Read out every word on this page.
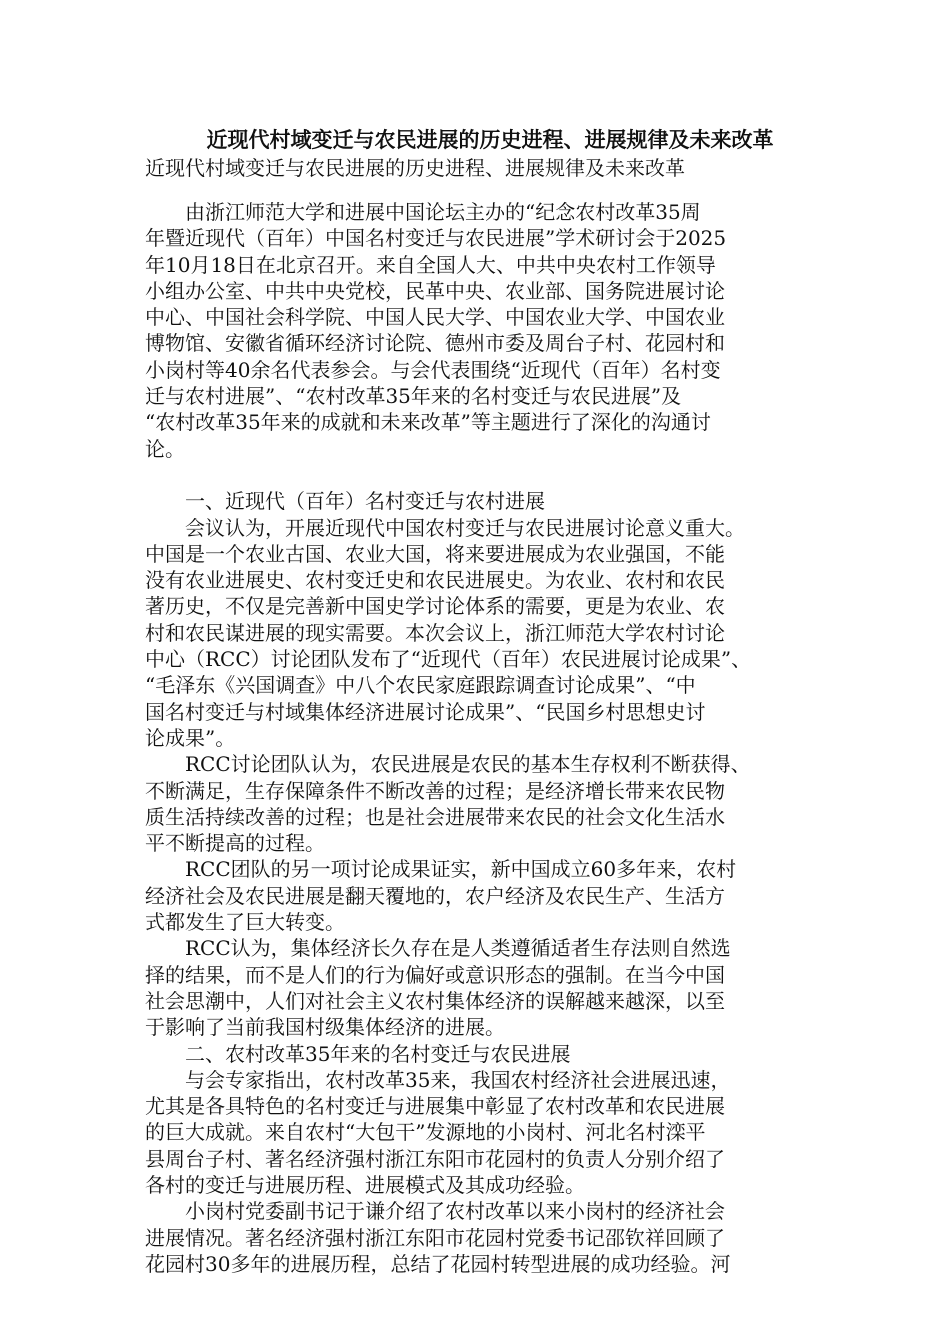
近现代村域变迁与农民进展的历史进程、进展规律及未来改革
近现代村域变迁与农民进展的历史进程、进展规律及未来改革
　　由浙江师范大学和进展中国论坛主办的“纪念农村改革35周
年暨近现代（百年）中国名村变迁与农民进展”学术研讨会于2025
年10月18日在北京召开。来自全国人大、中共中央农村工作领导
小组办公室、中共中央党校，民革中央、农业部、国务院进展讨论
中心、中国社会科学院、中国人民大学、中国农业大学、中国农业
博物馆、安徽省循环经济讨论院、德州市委及周台子村、花园村和
小岗村等40余名代表参会。与会代表围绕“近现代（百年）名村变
迁与农村进展”、“农村改革35年来的名村变迁与农民进展”及
“农村改革35年来的成就和未来改革”等主题进行了深化的沟通讨
论。
　　一、近现代（百年）名村变迁与农村进展
　　会议认为，开展近现代中国农村变迁与农民进展讨论意义重大。
中国是一个农业古国、农业大国，将来要进展成为农业强国，不能
没有农业进展史、农村变迁史和农民进展史。为农业、农村和农民
著历史，不仅是完善新中国史学讨论体系的需要，更是为农业、农
村和农民谋进展的现实需要。本次会议上，浙江师范大学农村讨论
中心（RCC）讨论团队发布了“近现代（百年）农民进展讨论成果”、
“毛泽东《兴国调查》中八个农民家庭跟踪调查讨论成果”、“中
国名村变迁与村域集体经济进展讨论成果”、“民国乡村思想史讨
论成果”。
　　RCC讨论团队认为，农民进展是农民的基本生存权利不断获得、
不断满足，生存保障条件不断改善的过程；是经济增长带来农民物
质生活持续改善的过程；也是社会进展带来农民的社会文化生活水
平不断提高的过程。
　　RCC团队的另一项讨论成果证实，新中国成立60多年来，农村
经济社会及农民进展是翻天覆地的，农户经济及农民生产、生活方
式都发生了巨大转变。
　　RCC认为，集体经济长久存在是人类遵循适者生存法则自然选
择的结果，而不是人们的行为偏好或意识形态的强制。在当今中国
社会思潮中，人们对社会主义农村集体经济的误解越来越深，以至
于影响了当前我国村级集体经济的进展。
　　二、农村改革35年来的名村变迁与农民进展
　　与会专家指出，农村改革35来，我国农村经济社会进展迅速，
尤其是各具特色的名村变迁与进展集中彰显了农村改革和农民进展
的巨大成就。来自农村“大包干”发源地的小岗村、河北名村滦平
县周台子村、著名经济强村浙江东阳市花园村的负责人分别介绍了
各村的变迁与进展历程、进展模式及其成功经验。
　　小岗村党委副书记于谦介绍了农村改革以来小岗村的经济社会
进展情况。著名经济强村浙江东阳市花园村党委书记邵钦祥回顾了
花园村30多年的进展历程，总结了花园村转型进展的成功经验。河
